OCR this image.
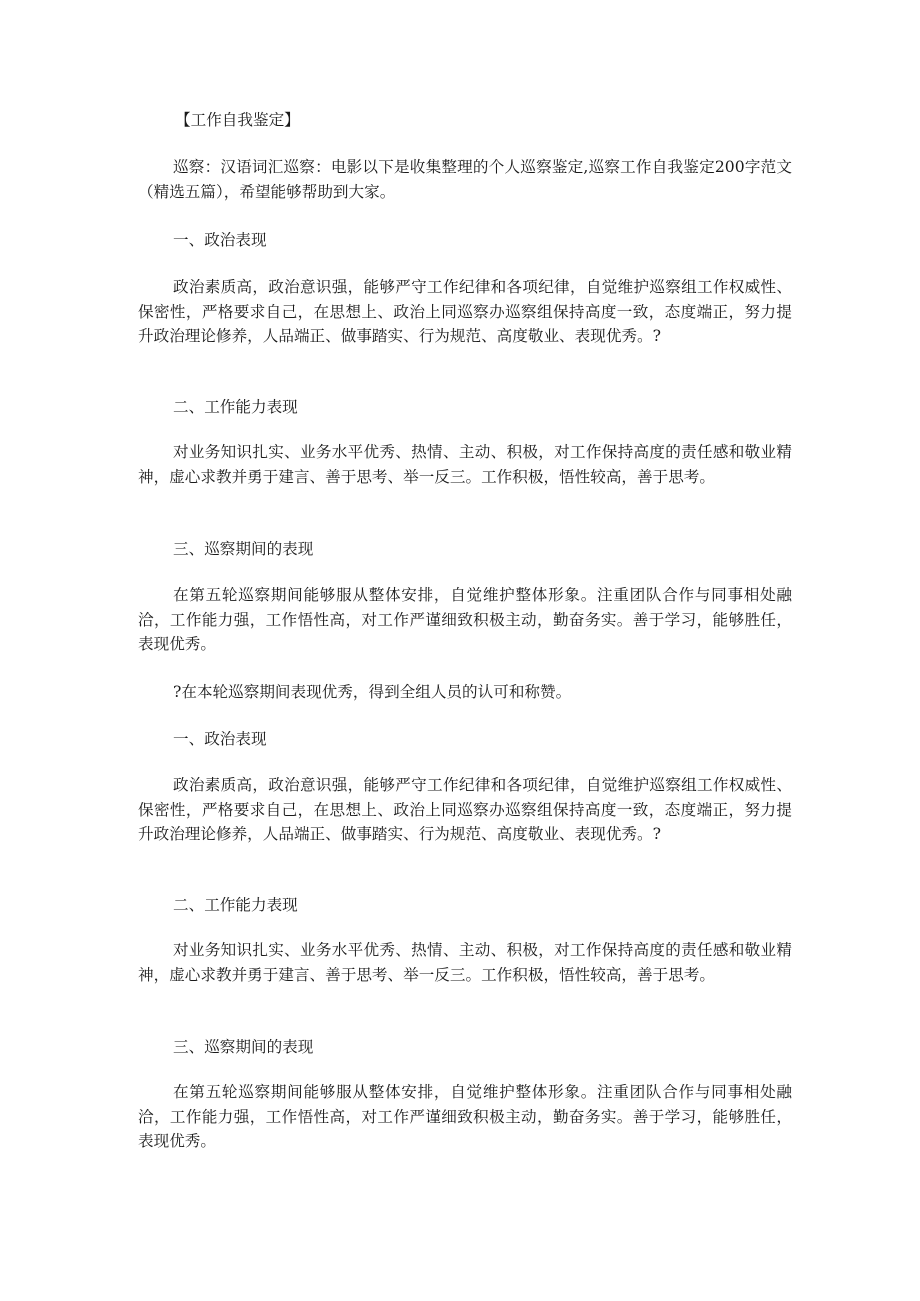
【工作自我鉴定】

巡察：汉语词汇巡察：电影以下是收集整理的个人巡察鉴定,巡察工作自我鉴定200字范文（精选五篇），希望能够帮助到大家。

一、政治表现

政治素质高，政治意识强，能够严守工作纪律和各项纪律，自觉维护巡察组工作权威性、保密性，严格要求自己，在思想上、政治上同巡察办巡察组保持高度一致，态度端正，努力提升政治理论修养，人品端正、做事踏实、行为规范、高度敬业、表现优秀。?

二、工作能力表现

对业务知识扎实、业务水平优秀、热情、主动、积极，对工作保持高度的责任感和敬业精神，虚心求教并勇于建言、善于思考、举一反三。工作积极，悟性较高，善于思考。

三、巡察期间的表现

在第五轮巡察期间能够服从整体安排，自觉维护整体形象。注重团队合作与同事相处融洽，工作能力强，工作悟性高，对工作严谨细致积极主动，勤奋务实。善于学习，能够胜任，表现优秀。

?在本轮巡察期间表现优秀，得到全组人员的认可和称赞。

一、政治表现

政治素质高，政治意识强，能够严守工作纪律和各项纪律，自觉维护巡察组工作权威性、保密性，严格要求自己，在思想上、政治上同巡察办巡察组保持高度一致，态度端正，努力提升政治理论修养，人品端正、做事踏实、行为规范、高度敬业、表现优秀。?

二、工作能力表现

对业务知识扎实、业务水平优秀、热情、主动、积极，对工作保持高度的责任感和敬业精神，虚心求教并勇于建言、善于思考、举一反三。工作积极，悟性较高，善于思考。

三、巡察期间的表现

在第五轮巡察期间能够服从整体安排，自觉维护整体形象。注重团队合作与同事相处融洽，工作能力强，工作悟性高，对工作严谨细致积极主动，勤奋务实。善于学习，能够胜任，表现优秀。
